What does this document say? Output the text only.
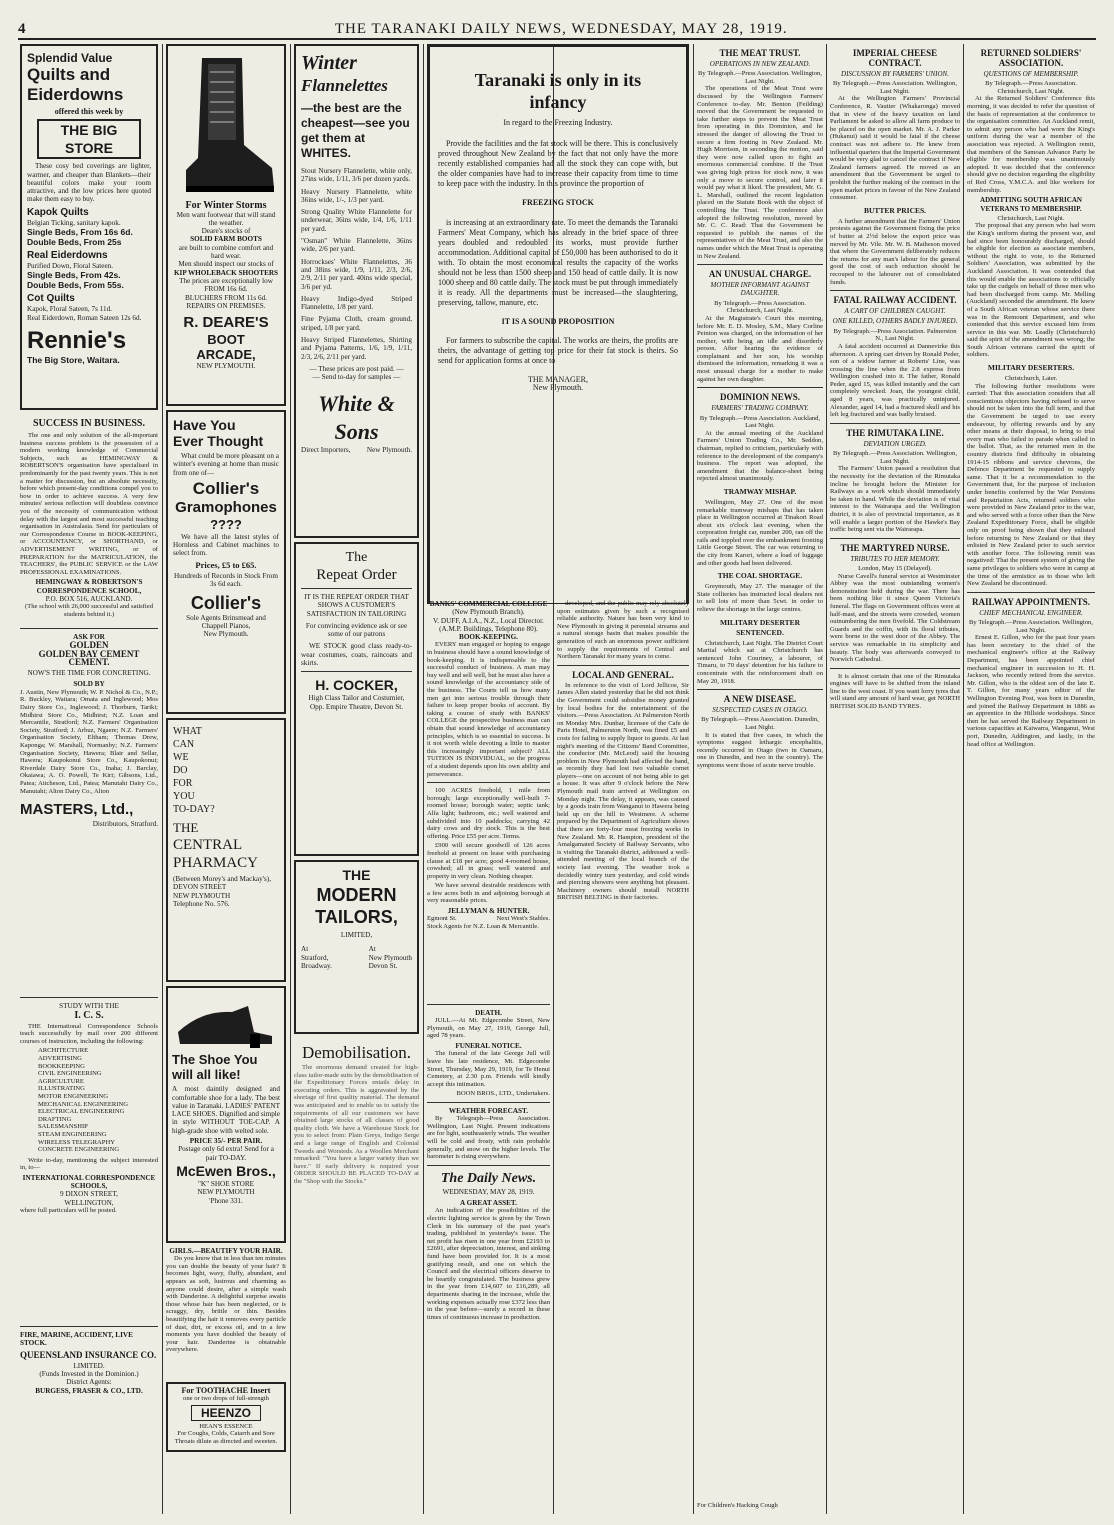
4	THE TARANAKI DAILY NEWS, WEDNESDAY, MAY 28, 1919.
Splendid Value
Quilts and
Eiderdowns
offered this week by
THE BIG STORE
These cosy bed coverings are lighter, warmer, and cheaper than Blankets—their beautiful colors make your room attractive, and the low prices here quoted make them easy to buy.
Kapok Quilts
Belgian Ticking, sanitary kapok.
Single Beds, From 16s 6d.
Double Beds, From 25s
Real Eiderdowns
Purified Down, Floral Sateen.
Single Beds, From 42s.
Double Beds, From 55s.
Cot Quilts
Kapok, Floral Sateen, 7s 11d.
Real Eiderdown, Roman Sateen 12s 6d.
Rennie's
The Big Store, Waitara.
SUCCESS IN BUSINESS.
The one and only solution of the all-important business success problem is the possession of a modern working knowledge of Commercial Subjects, such as HEMINGWAY & ROBERTSON'S organisation have specialised in predominantly for the past twenty years. This is not a matter for discussion, but an absolute necessity, before which present-day conditions compel you to bow in order to achieve success. A very few minutes' serious reflection will doubtless convince you of the necessity of communication without delay with the largest and most successful teaching organisation in Australasia. Send for particulars of our Correspondence Course in BOOK-KEEPING, or ACCOUNTANCY, or SHORTHAND, or ADVERTISEMENT WRITING, or of PREPARATION for the MATRICULATION, the TEACHERS', the PUBLIC SERVICE or the LAW PROFESSIONAL EXAMINATIONS.
HEMINGWAY & ROBERTSON'S CORRESPONDENCE SCHOOL,
P.O. BOX 516, AUCKLAND.
(The school with 26,000 successful and satisfied students behind it.)
ASK FOR
GOLDEN
GOLDEN BAY CEMENT
CEMENT.
NOW'S THE TIME FOR CONCRETING.
SOLD BY
J. Austin, New Plymouth; W. P. Nichol & Co., N.P.; R. Buckley, Waitara; Omata and Inglewood; Mos Dairy Store Co., Inglewood; J. Thorburn, Tariki; Midhirst Store Co., Midhirst; N.Z. Loan and Mercantile, Stratford; N.Z. Farmers' Organisation Society, Stratford; J. Arbuz, Ngaere; N.Z. Farmers' Organisation Society, Eltham; Thomas Drew, Kaponga; W. Marshall, Normanby; N.Z. Farmers' Organisation Society, Hawera; Blair and Sellar, Hawera; Kaupokonui Store Co., Kaupokonui; Riverdale Dairy Store Co., Inaha; J. Barclay, Okaiawa; A. O. Powell, Te Kiri; Gibsons, Ltd., Patea; Aitcheson, Ltd., Patea; Manutahi Dairy Co., Manutahi; Alton Dairy Co., Alton
MASTERS, Ltd.,
Distributors, Stratford.
STUDY WITH THE
I. C. S.
THE International Correspondence Schools teach successfully by mail over 200 different courses of instruction, including the following:
ARCHITECTURE
ADVERTISING
BOOKKEEPING
CIVIL ENGINEERING
AGRICULTURE
ILLUSTRATING
MOTOR ENGINEERING
MECHANICAL ENGINEERING
ELECTRICAL ENGINEERING
DRAFTING
SALESMANSHIP
STEAM ENGINEERING
WIRELESS TELEGRAPHY
CONCRETE ENGINEERING
Write to-day, mentioning the subject interested in, to—
INTERNATIONAL CORRESPONDENCE SCHOOLS,
9 DIXON STREET,
WELLINGTON,
where full particulars will be posted.
FIRE, MARINE, ACCIDENT, LIVE STOCK.
QUEENSLAND INSURANCE CO.
LIMITED.
(Funds Invested in the Dominion.)
District Agents:
BURGESS, FRASER & CO., LTD.
For Winter Storms
Men want footwear that will stand the weather.
Deare's stocks of
SOLID FARM BOOTS
are built to combine comfort and hard wear.
Men should inspect our stocks of
KIP WHOLEBACK SHOOTERS
The prices are exceptionally low FROM 16s 6d.
BLUCHERS FROM 11s 6d.
REPAIRS ON PREMISES.
R. DEARE'S
BOOT
ARCADE,
NEW PLYMOUTH.
Have You
Ever Thought
What could be more pleasant on a winter's evening at home than music from one of—
Collier's
Gramophones
????
We have all the latest styles of Hornless and Cabinet machines to select from.
Prices, £5 to £65.
Hundreds of Records in Stock From 3s 6d each.
Collier's
Sole Agents Brinsmead and Chappell Pianos,
New Plymouth.
WHAT
CAN
WE
DO
FOR
YOU
TO-DAY?
THE
CENTRAL
PHARMACY
(Between Morey's and Mackay's),
DEVON STREET
NEW PLYMOUTH
Telephone No. 576.
The Shoe You
will all like!
A most daintily designed and comfortable shoe for a lady. The best value in Taranaki. LADIES' PATENT LACE SHOES. Dignified and simple in style WITHOUT TOE-CAP. A high-grade shoe with welted sole.
PRICE 35/- PER PAIR.
Postage only 6d extra! Send for a pair TO-DAY.
McEwen Bros.,
"K" SHOE STORE
NEW PLYMOUTH
'Phone 331.
GIRLS.—BEAUTIFY YOUR HAIR.
Do you know that in less than ten minutes you can double the beauty of your hair? It becomes light, wavy, fluffy, abundant, and appears as soft, lustrous and charming as anyone could desire, after a simple wash with Danderine. A delightful surprise awaits those whose hair has been neglected, or is scraggy, dry, brittle or thin. Besides beautifying the hair it removes every particle of dust, dirt, or excess oil, and in a few moments you have doubled the beauty of your hair. Danderine is obtainable everywhere.
For TOOTHACHE Insert
one or two drops of full-strength
HEENZO
HEAN'S ESSENCE
For Coughs, Colds, Catarrh and Sore Throats dilute as directed and sweeten.
Winter
Flannelettes
—the best are the
cheapest—see you
get them at WHITES.
Stout Nursery Flannelette, white only, 27ins wide, 1/11, 3/6 per dozen yards.
Heavy Nursery Flannelette, white 36ins wide, 1/-, 1/3 per yard.
Strong Quality White Flannelette for underwear, 36ins wide, 1/4, 1/6, 1/11 per yard.
"Osman" White Flannelette, 36ins wide, 2/6 per yard.
Horrockses' White Flannelettes, 36 and 38ins wide, 1/9, 1/11, 2/3, 2/6, 2/9, 2/11 per yard. 40ins wide special, 3/6 per yd.
Heavy Indigo-dyed Striped Flannelette, 1/8 per yard.
Fine Pyjama Cloth, cream ground, striped, 1/8 per yard.
Heavy Striped Flannelettes, Shirting and Pyjama Patterns, 1/6, 1/9, 1/11, 2/3, 2/6, 2/11 per yard.
— These prices are post paid. —
— Send to-day for samples —
White & Sons
Direct Importers, New Plymouth.
The
Repeat Order
IT IS THE REPEAT ORDER THAT SHOWS A CUSTOMER'S SATISFACTION IN TAILORING
For convincing evidence ask or see some of our patrons
WE STOCK good class ready-to-wear costumes, coats, raincoats and skirts.
H. COCKER,
High Class Tailor and Costumier,
Opp. Empire Theatre, Devon St.
THE
MODERN
TAILORS,
LIMITED,
At
Stratford,
Broadway.
At
New Plymouth
Devon St.
Demobilisation.
The enormous demand created for high-class tailor-made suits by the demobilisation of the Expeditionary Forces entails delay in executing orders. This is aggravated by the shortage of first quality material. The demand was anticipated and to enable us to satisfy the requirements of all our customers we have obtained large stocks of all classes of good quality cloth. We have a Warehouse Stock for you to select from: Plain Greys, Indigo Serge and a large range of English and Colonial Tweeds and Worsteds. As a Woollen Merchant remarked: "You have a larger variety than we have." If early delivery is required your ORDER SHOULD BE PLACED TO-DAY at the "Shop with the Stocks."
Taranaki is only in its
infancy
In regard to the Freezing Industry.
Provide the facilities and the fat stock will be there. This is conclusively proved throughout New Zealand by the fact that not only have the more recently established companies had all the stock they can cope with, but the older companies have had to increase their capacity from time to time to keep pace with the industry. In this province the proportion of
FREEZING STOCK
is increasing at an extraordinary rate. To meet the demands the Taranaki Farmers' Meat Company, which has already in the brief space of three years doubled and redoubled its works, must provide further accommodation. Additional capital of £50,000 has been authorised to do it with. To obtain the most economical results the capacity of the works should not be less than 1500 sheep and 150 head of cattle daily. It is now 1000 sheep and 80 cattle daily. The stock must be put through immediately it is ready. All the departments must be increased—the slaughtering, preserving, tallow, manure, etc.
IT IS A SOUND PROPOSITION
For farmers to subscribe the capital. The works are theirs, the profits are theirs, the advantage of getting top price for their fat stock is theirs. So send for application forms at once to
THE MANAGER,
New Plymouth.
BANKS' COMMERCIAL COLLEGE
(New Plymouth Branch).
V. DUFF, A.I.A., N.Z., Local Director.
(A.M.P. Buildings, Telephone 80).
BOOK-KEEPING.
EVERY man engaged or hoping to engage in business should have a sound knowledge of book-keeping. It is indispensable to the successful conduct of business. A man may buy well and sell well, but he must also have a sound knowledge of the accountancy side of the business. The Courts tell us how many men get into serious trouble through their failure to keep proper books of account. By taking a course of study with BANKS' COLLEGE the prospective business man can obtain that sound knowledge of accountancy principles, which is so essential to success. Is it not worth while devoting a little to master this increasingly important subject? ALL TUITION IS INDIVIDUAL, so the progress of a student depends upon his own ability and perseverance.
100 ACRES freehold, 1 mile from borough; large exceptionally well-built 7-roomed house; borough water; septic tank; Alfa light; bathroom, etc.; well watered and subdivided into 10 paddocks; carrying 42 dairy cows and dry stock. This is the best offering. Price £55 per acre. Terms.
£900 will secure goodwill of 126 acres freehold at present on lease with purchasing clause at £18 per acre; good 4-roomed house, cowshed; all in grass; well watered and property in very clean. Nothing cheaper.
We have several desirable residences with a few acres both in and adjoining borough at very reasonable prices.
JELLYMAN & HUNTER.
Egmont St.	Next West's Stables.
Stock Agents for N.Z. Loan & Mercantile.
developed, and the public may rely absolutely upon estimates given by such a recognised reliable authority. Nature has been very kind to New Plymouth in giving it perennial streams and a natural storage basin that makes possible the generation of such an enormous power sufficient to supply the requirements of Central and Northern Taranaki for many years to come.
LOCAL AND GENERAL.
In reference to the visit of Lord Jellicoe, Sir James Allen stated yesterday that he did not think the Government could subsidise money granted by local bodies for the entertainment of the visitors.—Press Association. At Palmerston North on Monday Mrs. Dunbar, licensee of the Cafe de Paris Hotel, Palmerston North, was fined £5 and costs for failing to supply liquor to guests. At last night's meeting of the Citizens' Band Committee, the conductor (Mr. McLeod) said the housing problem in New Plymouth had affected the band, as recently they had lost two valuable cornet players—one on account of not being able to get a house. It was after 9 o'clock before the New Plymouth mail train arrived at Wellington on Monday night. The delay, it appears, was caused by a goods train from Wanganui to Hawera being held up on the hill to Westmere. A scheme prepared by the Department of Agriculture shows that there are forty-four meat freezing works in New Zealand. Mr. R. Hampton, president of the Amalgamated Society of Railway Servants, who is visiting the Taranaki district, addressed a well-attended meeting of the local branch of the society last evening. The weather took a decidedly wintry turn yesterday, and cold winds and piercing showers were anything but pleasant. Machinery owners should install NORTH BRITISH BELTING in their factories.
DEATH.
JULL.—At Mt. Edgecombe Street, New Plymouth, on May 27, 1919, George Jull, aged 78 years.
FUNERAL NOTICE.
The funeral of the late George Jull will leave his late residence, Mt. Edgecombe Street, Thursday, May 29, 1919, for Te Henui Cemetery, at 2.30 p.m. Friends will kindly accept this intimation.
BOON BROS., LTD., Undertakers.
WEATHER FORECAST.
By Telegraph—Press Association. Wellington, Last Night. Present indications are for light, southeasterly winds. The weather will be cold and frosty, with rain probable generally, and snow on the higher levels. The barometer is rising everywhere.
The Daily News.
WEDNESDAY, MAY 28, 1919.
A GREAT ASSET.
An indication of the possibilities of the electric lighting service is given by the Town Clerk in his summary of the past year's trading, published in yesterday's issue. The net profit has risen in one year from £2193 to £2691, after depreciation, interest, and sinking fund have been provided for. It is a most gratifying result, and one on which the Council and the electrical officers deserve to be heartily congratulated. The business grew in the year from £14,607 to £16,289, all departments sharing in the increase, while the working expenses actually rose £372 less than in the year before—surely a record in these times of continuous increase in production.
THE MEAT TRUST.
OPERATIONS IN NEW ZEALAND.
By Telegraph.—Press Association. Wellington, Last Night.
The operations of the Meat Trust were discussed by the Wellington Farmers' Conference to-day. Mr. Benton (Feilding) moved that the Government be requested to take further steps to prevent the Meat Trust from operating in this Dominion, and he stressed the danger of allowing the Trust to secure a firm footing in New Zealand. Mr. Hugh Morrison, in seconding the motion, said they were now called upon to fight an enormous commercial combine. If the Trust was giving high prices for stock now, it was only a move to secure control, and later it would pay what it liked. The president, Mr. G. L. Marshall, outlined the recent legislation placed on the Statute Book with the object of controlling the Trust. The conference also adopted the following resolution, moved by Mr. C. C. Read: That the Government be requested to publish the names of the representatives of the Meat Trust, and also the names under which the Meat Trust is operating in New Zealand.
AN UNUSUAL CHARGE.
MOTHER INFORMANT AGAINST DAUGHTER.
By Telegraph.—Press Association. Christchurch, Last Night.
At the Magistrate's Court this morning, before Mr. E. D. Mosley, S.M., Mary Corline Peinton was charged, on the information of her mother, with being an idle and disorderly person. After hearing the evidence of complainant and her son, his worship dismissed the information, remarking it was a most unusual charge for a mother to make against her own daughter.
DOMINION NEWS.
FARMERS' TRADING COMPANY.
By Telegraph.—Press Association. Auckland, Last Night.
At the annual meeting of the Auckland Farmers' Union Trading Co., Mr. Seddon, chairman, replied to criticism, particularly with reference to the development of the company's business. The report was adopted, the amendment that the balance-sheet being rejected almost unanimously.
TRAMWAY MISHAP.
Wellington, May 27. One of the most remarkable tramway mishaps that has taken place in Wellington occurred at Tinakori Road about six o'clock last evening, when the corporation freight car, number 200, ran off the rails and toppled over the embankment fronting Little George Street. The car was returning to the city from Karori, where a load of luggage and other goods had been delivered.
THE COAL SHORTAGE.
Greymouth, May 27. The manager of the State collieries has instructed local dealers not to sell lots of more than 5cwt. in order to relieve the shortage in the large centres.
MILITARY DESERTER SENTENCED.
Christchurch, Last Night. The District Court Martial which sat at Christchurch has sentenced John Courtney, a labourer, of Timaru, to 70 days' detention for his failure to concentrate with the reinforcement draft on May 20, 1918.
A NEW DISEASE.
SUSPECTED CASES IN OTAGO.
By Telegraph.—Press Association. Dunedin, Last Night.
It is stated that five cases, in which the symptoms suggest lethargic encephalitis, recently occurred in Otago (two in Oamaru, one in Dunedin, and two in the country). The symptoms were those of acute nerve trouble.
For Children's Hacking Cough
IMPERIAL CHEESE CONTRACT.
DISCUSSION BY FARMERS' UNION.
By Telegraph.—Press Association. Wellington, Last Night.
At the Wellington Farmers' Provincial Conference, R. Vautier (Whakaronga) moved that in view of the heavy taxation on land Parliament be asked to allow all farm produce to be placed on the open market. Mr. A. J. Parker (Hukanui) said it would be fatal if the cheese contract was not adhere to. He knew from influential quarters that the Imperial Government would be very glad to cancel the contract if New Zealand farmers agreed. He moved as an amendment that the Government be urged to prohibit the further making of the contract in the open market prices in favour of the New Zealand consumer.
BUTTER PRICES.
A further amendment that the Farmers' Union protests against the Government fixing the price of butter at 2½d below the export price was moved by Mr. Vile. Mr. W. B. Matheson moved that where the Government deliberately reduces the returns for any man's labour for the general good the cost of such reduction should be recouped to the labourer out of consolidated funds.
FATAL RAILWAY ACCIDENT.
A CART OF CHILDREN CAUGHT.
ONE KILLED, OTHERS BADLY INJURED.
By Telegraph.—Press Association. Palmerston N., Last Night.
A fatal accident occurred at Dannevirke this afternoon. A spring cart driven by Ronald Peder, son of a widow farmer at Roberts' Line, was crossing the line when the 2.8 express from Wellington crashed into it. The father, Ronald Peder, aged 15, was killed instantly and the cart completely wrecked. Joan, the youngest child, aged 8 years, was practically uninjured. Alexander, aged 14, had a fractured skull and his left leg fractured and was badly bruised.
THE RIMUTAKA LINE.
DEVIATION URGED.
By Telegraph.—Press Association. Wellington, Last Night.
The Farmers' Union passed a resolution that the necessity for the deviation of the Rimutaka incline be brought before the Minister for Railways as a work which should immediately be taken in hand. While the deviation is of vital interest to the Wairarapa and the Wellington district, it is also of provincial importance, as it will enable a larger portion of the Hawke's Bay traffic being sent via the Wairarapa.
THE MARTYRED NURSE.
TRIBUTES TO HER MEMORY.
London, May 15 (Delayed).
Nurse Cavell's funeral service at Westminster Abbey was the most outstanding women's demonstration held during the war. There has been nothing like it since Queen Victoria's funeral. The flags on Government offices were at half-mast, and the streets were crowded, women outnumbering the men fivefold. The Coldstream Guards and the coffin, with its floral tributes, were borne to the west door of the Abbey. The service was remarkable in its simplicity and beauty. The body was afterwards conveyed to Norwich Cathedral.
It is almost certain that one of the Rimutaka engines will have to be shifted from the inland line to the west coast. If you want lorry tyres that will stand any amount of hard wear, get NORTH BRITISH SOLID BAND TYRES.
RETURNED SOLDIERS'
ASSOCIATION.
QUESTIONS OF MEMBERSHIP.
By Telegraph.—Press Association. Christchurch, Last Night.
At the Returned Soldiers' Conference this morning, it was decided to refer the question of the basis of representation at the conference to the organisation committee. An Auckland remit, to admit any person who had worn the King's uniform during the war a member of the association was rejected. A Wellington remit, that members of the Samoan Advance Party be eligible for membership was unanimously adopted. It was decided that the conference should give no decision regarding the eligibility of Red Cross, Y.M.C.A. and like workers for membership.
ADMITTING SOUTH AFRICAN VETERANS TO MEMBERSHIP.
Christchurch, Last Night.
The proposal that any person who had worn the King's uniform during the present war, and had since been honourably discharged, should be eligible for election as associate members, without the right to vote, to the Returned Soldiers' Association, was submitted by the Auckland Association. It was contended that this would enable the associations to officially take up the cudgels on behalf of those men who had been discharged from camp. Mr. Melling (Auckland) seconded the amendment. He knew of a South African veteran whose service there was in the Remount Department, and who contended that this service excused him from service in this war. Mr. Leadly (Christchurch) said the spirit of the amendment was wrong; the South African veterans carried the spirit of soldiers.
MILITARY DESERTERS.
Christchurch, Later.
The following further resolutions were carried: That this association considers that all conscientious objectors having refused to serve should not be taken into the full term, and that the Government be urged to use every endeavour, by offering rewards and by any other means at their disposal, to bring to trial every man who failed to parade when called in the ballot. That, as the returned men in the country districts find difficulty in obtaining 1914-15 ribbons and service chevrons, the Defence Department be requested to supply same. That it be a recommendation to the Government that, for the purpose of inclusion under benefits conferred by the War Pensions and Repatriation Acts, returned soldiers who were provided in New Zealand prior to the war, and who served with a force other than the New Zealand Expeditionary Force, shall be eligible only on proof being shown that they enlisted before returning to New Zealand or that they enlisted in New Zealand prior to such service with another force. The following remit was negatived: That the present system of giving the same privileges to soldiers who were in camp at the time of the armistice as to those who left New Zealand be discontinued.
RAILWAY APPOINTMENTS.
CHIEF MECHANICAL ENGINEER.
By Telegraph.—Press Association. Wellington, Last Night.
Ernest E. Gillon, who for the past four years has been secretary to the chief of the mechanical engineer's office at the Railway Department, has been appointed chief mechanical engineer in succession to H. H. Jackson, who recently retired from the service. Mr. Gillon, who is the oldest son of the late E. T. Gillon, for many years editor of the Wellington Evening Post, was born in Dunedin, and joined the Railway Department in 1886 as an apprentice in the Hillside workshops. Since then he has served the Railway Department in various capacities at Kaiwarra, Wanganui, West port, Dunedin, Addington, and lastly, in the head office at Wellington.
